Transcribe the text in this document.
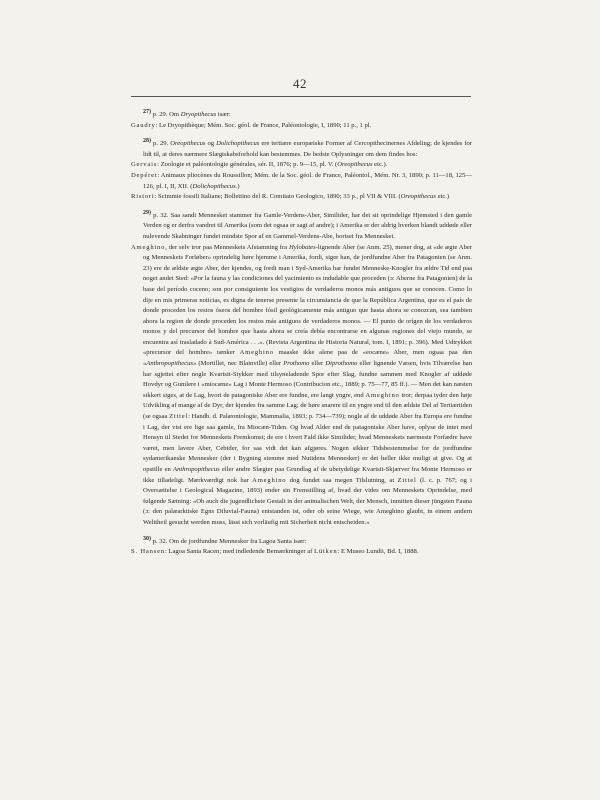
42
27) p. 29. Om Dryopithecus især:
Gaudry: Le Dryopithèque; Mém. Soc. géol. de France, Paléontologie, I, 1890; 11 p., 1 pl.
28) p. 29. Oreopithecus og Dolichopithecus ere tertiære europæiske Former af Cercopithecinernes Afdeling; de kjendes for lidt til, at deres nærmere Slægtskabsforhold kan bestemmes. De bedste Oplysninger om dem findes hos:
Gervais: Zoologie et paléontologie générales, sér. II, 1876; p. 9—15, pl. V. (Oreopithecus etc.).
Depéret: Animaux pliocènes du Roussillon; Mém. de la Soc. géol. de France, Paléontol., Mém. Nr. 3, 1890; p. 11—18, 125—126, pl. I, II, XII. (Dolichopithecus.)
Ristori: Scimmie fossili Italiane; Bollettino del R. Comitato Geologico, 1890; 33 p., pl VII & VIII. (Oreopithecus etc.)
29) p. 32. Saa sandt Mennesket stammer fra Gamle-Verdens-Aber, Similider, har det sit oprindelige Hjemsted i den gamle Verden og er derfra vandret til Amerika (som det ogsaa er sagt af andre); i Amerika er der aldrig hverken blandt uddøde eller nulevende Skabninger fundet mindste Spor af en Gammel-Verdens-Abe, bortset fra Mennesket.
Ameghino, der selv tror paa Menneskets Afstamning fra Hylobates-lignende Aber (se Anm. 25), mener dog, at «de ægte Aber og Menneskets Forløber» oprindelig høre hjemme i Amerika, fordi, siger han, de jordfundne Aber fra Patagonien (se Anm. 23) ere de ældste ægte Aber, der kjendes, og fordi man i Syd-Amerika har fundet Menneske-Knogler fra ældre Tid end paa noget andet Sted: «Por la fauna y las condiciones del yacimiento es indudable que proceden (ɔ: Aberne fra Patagonien) de la base del período coceno; son por consiguiente los vestigios de verdaderos monos más antiguos que se conocen. Como lo dije en mis primeras noticias, es digna de tenerse presente la circunstancia de que la República Argentina, que es el país de donde proceden los restos óseos del hombre fósil geológicamente más antiguo que hasta ahora se conozcan, sea tambien ahora la region de donde proceden los restos más antiguos de verdaderos monos. — El punto de orígen de los verdaderos monos y del precursor del hombre que hasta ahora se creía debía encontrarse en algunas regiones del viejo mundo, se encuentra así trasladado à Sud-América . . .». (Revista Argentina de Historia Natural, tom. I, 1891; p. 396). Med Udtrykket «precursor del hombre» tænker Ameghino maaske ikke alene paa de «eocæne» Aber, men ogsaa paa den «Anthropopithecus» (Mortillet, nec Blainville) eller Prothomo eller Diprothomo eller lignende Væsen, hvis Tilværelse han har sgjettet efter nogle Kvartsit-Stykker med tilsyneladende Spor efter Slag, fundne sammen med Knogler af uddøde Hovdyr og Gumlere i «miocæne» Lag i Monte Hermoso (Contribucion etc., 1889; p. 75—77, 85 ff.). — Men det kan næsten sikkert siges, at de Lag, hvori de patagoniske Aber ere fundne, ere langt yngre, end Ameghino tror; derpaa tyder den høje Udvikling af mange af de Dyr, der kjendes fra samme Lag; de høre snarere til en yngre end til den ældste Del af Tertiærtiden (se ogsaa Zittel: Handb. d. Palæontologie, Mammalia, 1893; p. 734—739); nogle af de uddøde Aber fra Europa ere fundne i Lag, der vist ere lige saa gamle, fra Miocæn-Tiden. Og hvad Alder end de patagoniske Aber have, oplyse de intet med Hensyn til Stedet for Menneskets Fremkomst; de ere i hvert Fald ikke Similider, hvad Menneskets nærmeste Forfædre have været, men lavere Aber, Cebider, for saa vidt det kan afgjøres. Nogen sikker Tidsbestemmelse for de jordfundne sydamerikanske Mennesker (der i Bygning stemme med Nutidens Mennesker) er det heller ikke muligt at give. Og at opstille en Anthropopithecus eller andre Slægter paa Grundlag af de ubetydelige Kvartsit-Skjærver fra Monte Hermoso er ikke tilladeligt. Mærkværdigt nok har Ameghino dog fundet saa megen Tilslutning, at Zittel (l. c. p. 767; og i Oversættelse i Geological Magazine, 1893) ender sin Fremstilling af, hvad der vides om Menneskets Oprindelse, med følgende Sætning: «Ob auch die jugendlichste Gestalt in der animalischen Welt, der Mensch, inmitten dieser jüngsten Fauna (ɔ: den palæarktiske Egns Diluvial-Fauna) entstanden ist, oder ob seine Wiege, wie Ameghino glaubt, in einem andern Welttheil gesucht werden muss, lässt sich vorläufig mit Sicherheit nicht entscheiden.»
30) p. 32. Om de jordfundne Mennesker fra Lagoa Santa især:
S. Hansen: Lagoa Santa Racen; med indledende Bemærkninger af Lütken: E Museo Lundii, Bd. I, 1888.
